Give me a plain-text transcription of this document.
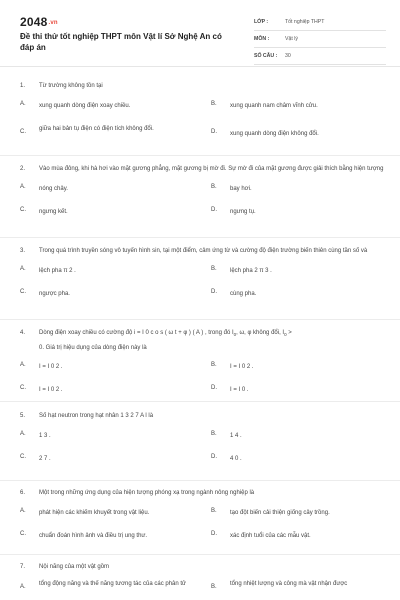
2048.vn
Đề thi thử tốt nghiệp THPT môn Vật lí Sở Nghệ An có đáp án
LỚP :	Tốt nghiệp THPT
MÔN :	Vật lý
SỐ CÂU : 30
1. Từ trường không tồn tại
A. xung quanh dòng điện xoay chiều.	B. xung quanh nam châm vĩnh cửu.
C. giữa hai bản tụ điện có điện tích không đổi.	D. xung quanh dòng điện không đổi.
2. Vào mùa đông, khi hà hơi vào mặt gương phẳng, mặt gương bị mờ đi. Sự mờ đi của mặt gương được giải thích bằng hiện tượng
A. nóng chảy.	B. bay hơi.
C. ngưng kết.	D. ngưng tụ.
3. Trong quá trình truyền sóng vô tuyến hình sin, tại một điểm, cảm ứng từ và cường độ điện trường biến thiên cùng tần số và
A. lệch pha π 2 .	B. lệch pha 2 π 3 .
C. ngược pha.	D. cùng pha.
4. Dòng điện xoay chiều có cường độ i = I 0 c o s ( ω t + φ ) ( A ) , trong đó $I_0$, ω, φ không đổi, $I_0$ >
0. Giá trị hiệu dụng của dòng điện này là
A. I = I 0 2 .	B. I = I 0 2 .
C. I = I 0 2 .	D. I = I 0 .
5. Số hạt neutron trong hạt nhân 1 3 2 7 A l là
A. 1 3 .	B. 1 4 .
C. 2 7 .	D. 4 0 .
6. Một trong những ứng dụng của hiện tượng phóng xạ trong ngành nông nghiệp là
A. phát hiện các khiếm khuyết trong vật liệu.	B. tạo đột biến cải thiện giống cây trồng.
C. chuẩn đoán hình ảnh và điều trị ung thư.	D. xác định tuổi của các mẫu vật.
7. Nội năng của một vật gồm
A. tổng động năng và thế năng tương tác của các phân tử	B. tổng nhiệt lượng và công mà vật nhận được
